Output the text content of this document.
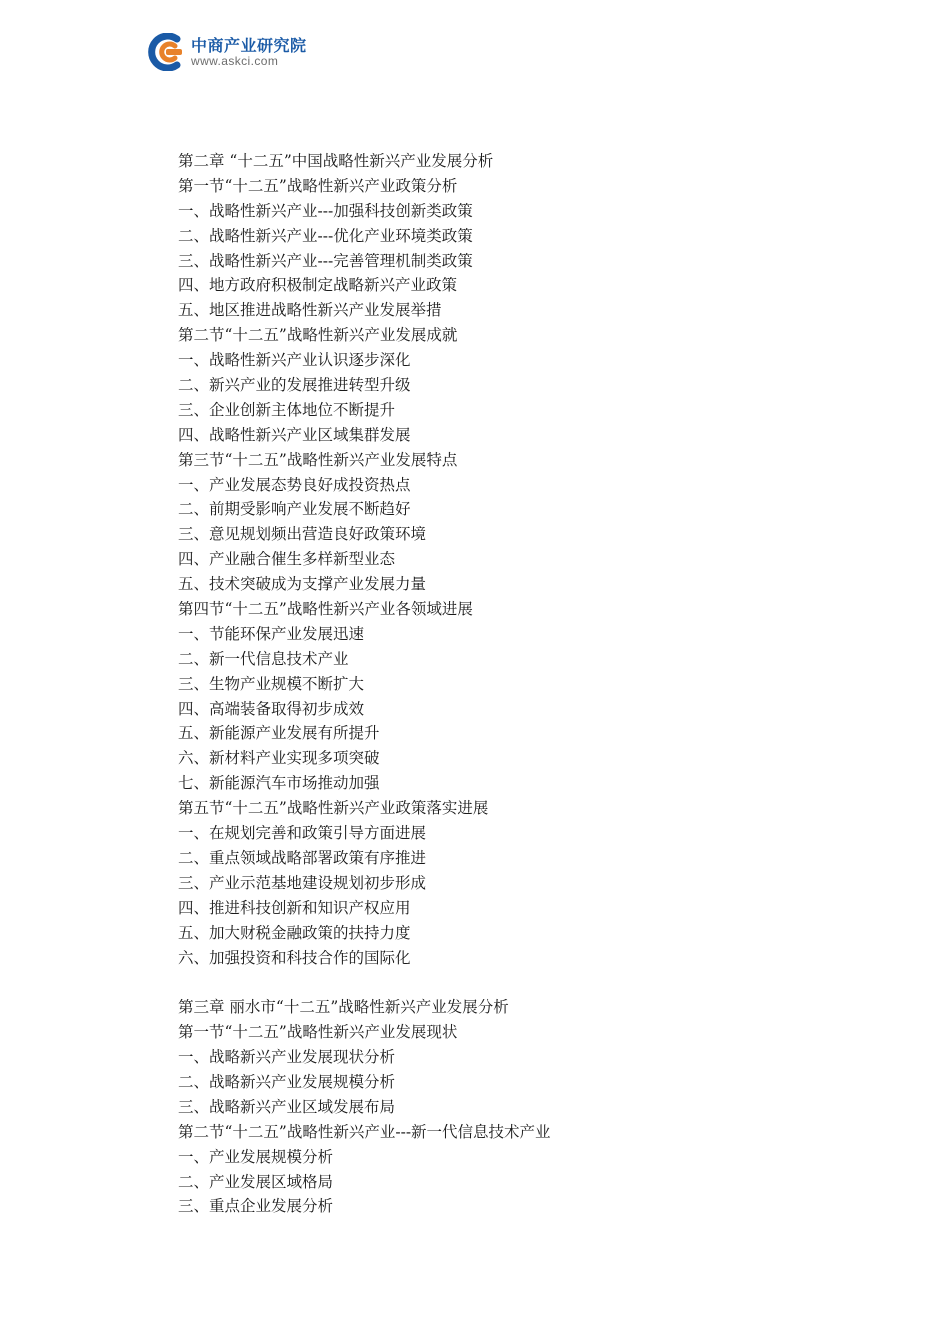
中商产业研究院
www.askci.com
第二章 “十二五”中国战略性新兴产业发展分析
第一节“十二五”战略性新兴产业政策分析
一、战略性新兴产业---加强科技创新类政策
二、战略性新兴产业---优化产业环境类政策
三、战略性新兴产业---完善管理机制类政策
四、地方政府积极制定战略新兴产业政策
五、地区推进战略性新兴产业发展举措
第二节“十二五”战略性新兴产业发展成就
一、战略性新兴产业认识逐步深化
二、新兴产业的发展推进转型升级
三、企业创新主体地位不断提升
四、战略性新兴产业区域集群发展
第三节“十二五”战略性新兴产业发展特点
一、产业发展态势良好成投资热点
二、前期受影响产业发展不断趋好
三、意见规划频出营造良好政策环境
四、产业融合催生多样新型业态
五、技术突破成为支撑产业发展力量
第四节“十二五”战略性新兴产业各领域进展
一、节能环保产业发展迅速
二、新一代信息技术产业
三、生物产业规模不断扩大
四、高端装备取得初步成效
五、新能源产业发展有所提升
六、新材料产业实现多项突破
七、新能源汽车市场推动加强
第五节“十二五”战略性新兴产业政策落实进展
一、在规划完善和政策引导方面进展
二、重点领域战略部署政策有序推进
三、产业示范基地建设规划初步形成
四、推进科技创新和知识产权应用
五、加大财税金融政策的扶持力度
六、加强投资和科技合作的国际化
第三章 丽水市“十二五”战略性新兴产业发展分析
第一节“十二五”战略性新兴产业发展现状
一、战略新兴产业发展现状分析
二、战略新兴产业发展规模分析
三、战略新兴产业区域发展布局
第二节“十二五”战略性新兴产业---新一代信息技术产业
一、产业发展规模分析
二、产业发展区域格局
三、重点企业发展分析
